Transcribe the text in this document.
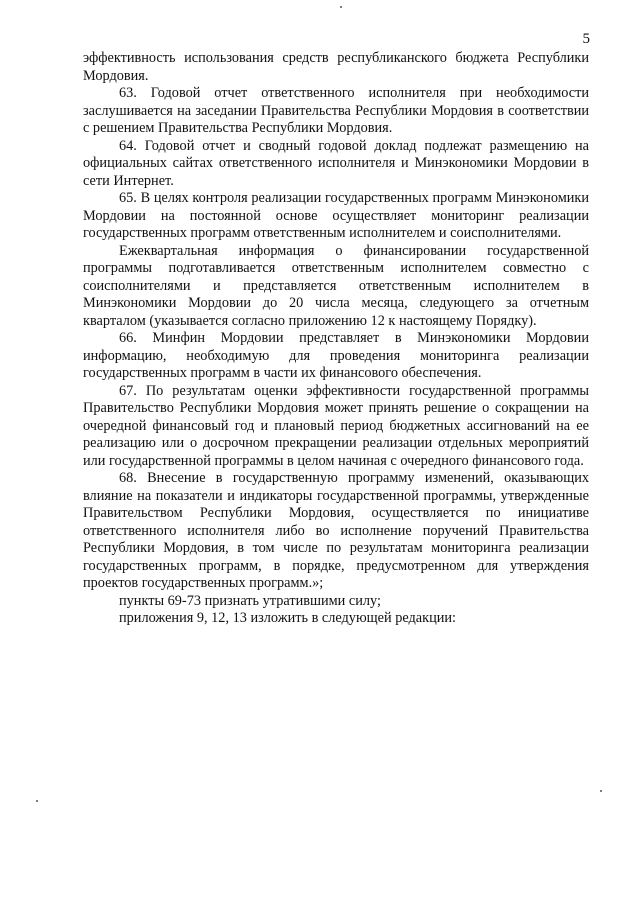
5

эффективность использования средств республиканского бюджета Республики Мордовия.

63. Годовой отчет ответственного исполнителя при необходимости заслушивается на заседании Правительства Республики Мордовия в соответствии с решением Правительства Республики Мордовия.

64. Годовой отчет и сводный годовой доклад подлежат размещению на официальных сайтах ответственного исполнителя и Минэкономики Мордовии в сети Интернет.

65. В целях контроля реализации государственных программ Минэкономики Мордовии на постоянной основе осуществляет мониторинг реализации государственных программ ответственным исполнителем и соисполнителями.

Ежеквартальная информация о финансировании государственной программы подготавливается ответственным исполнителем совместно с соисполнителями и представляется ответственным исполнителем в Минэкономики Мордовии до 20 числа месяца, следующего за отчетным кварталом (указывается согласно приложению 12 к настоящему Порядку).

66. Минфин Мордовии представляет в Минэкономики Мордовии информацию, необходимую для проведения мониторинга реализации государственных программ в части их финансового обеспечения.

67. По результатам оценки эффективности государственной программы Правительство Республики Мордовия может принять решение о сокращении на очередной финансовый год и плановый период бюджетных ассигнований на ее реализацию или о досрочном прекращении реализации отдельных мероприятий или государственной программы в целом начиная с очередного финансового года.

68. Внесение в государственную программу изменений, оказывающих влияние на показатели и индикаторы государственной программы, утвержденные Правительством Республики Мордовия, осуществляется по инициативе ответственного исполнителя либо во исполнение поручений Правительства Республики Мордовия, в том числе по результатам мониторинга реализации государственных программ, в порядке, предусмотренном для утверждения проектов государственных программ.»;

пункты 69-73 признать утратившими силу;

приложения 9, 12, 13 изложить в следующей редакции:
